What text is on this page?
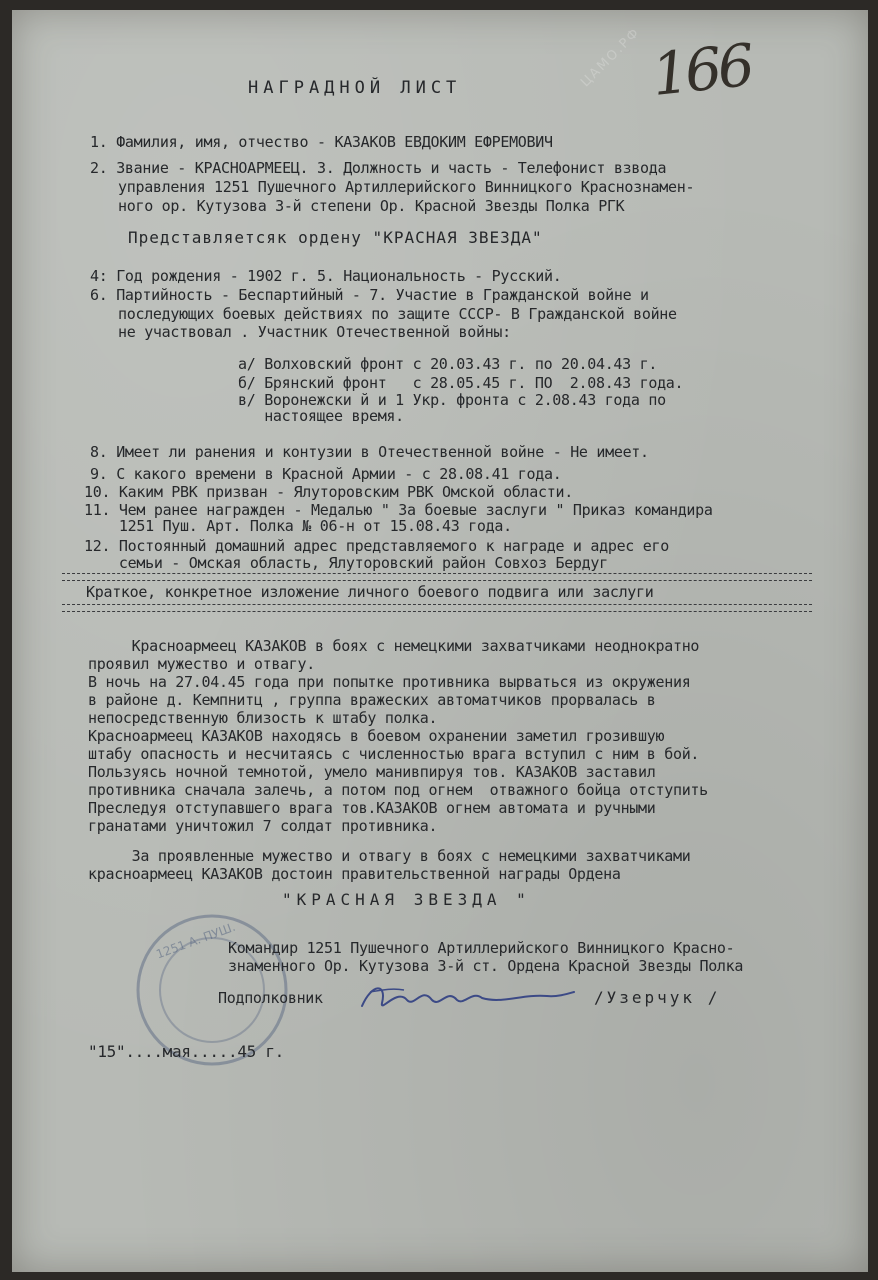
ЦАМО.РФ 166
НАГРАДНОЙ ЛИСТ
1. Фамилия, имя, отчество - КАЗАКОВ ЕВДОКИМ ЕФРЕМОВИЧ
2. Звание - КРАСНОАРМЕЕЦ. 3. Должность и часть - Телефонист взвода
управления 1251 Пушечного Артиллерийского Винницкого Краснознамен-
ного ор. Кутузова 3-й степени Ор. Красной Звезды Полка РГК
Представляетсяк ордену "КРАСНАЯ ЗВЕЗДА"
4: Год рождения - 1902 г. 5. Национальность - Русский.
6. Партийность - Беспартийный - 7. Участие в Гражданской войне и
последующих боевых действиях по защите СССР- В Гражданской войне
не участвовал . Участник Отечественной войны:
а/ Волховский фронт с 20.03.43 г. по 20.04.43 г.
б/ Брянский фронт   с 28.05.45 г. ПО  2.08.43 года.
в/ Воронежски й и 1 Укр. фронта с 2.08.43 года по
настоящее время.
8. Имеет ли ранения и контузии в Отечественной войне - Не имеет.
9. С какого времени в Красной Армии - с 28.08.41 года.
10. Каким РВК призван - Ялуторовским РВК Омской области.
11. Чем ранее награжден - Медалью " За боевые заслуги " Приказ командира
1251 Пуш. Арт. Полка № 06-н от 15.08.43 года.
12. Постоянный домашний адрес представляемого к награде и адрес его
семьи - Омская область, Ялуторовский район Совхоз Бердуг
Краткое, конкретное изложение личного боевого подвига или заслуги
Красноармеец КАЗАКОВ в боях с немецкими захватчиками неоднократно
проявил мужество и отвагу.
В ночь на 27.04.45 года при попытке противника вырваться из окружения
в районе д. Кемпнитц , группа вражеских автоматчиков прорвалась в
непосредственную близость к штабу полка.
Красноармеец КАЗАКОВ находясь в боевом охранении заметил грозившую
штабу опасность и несчитаясь с численностью врага вступил с ним в бой.
Пользуясь ночной темнотой, умело манивпируя тов. КАЗАКОВ заставил
противника сначала залечь, а потом под огнем  отважного бойца отступить
Преследуя отступавшего врага тов.КАЗАКОВ огнем автомата и ручными
гранатами уничтожил 7 солдат противника.
За проявленные мужество и отвагу в боях с немецкими захватчиками
красноармеец КАЗАКОВ достоин правительственной награды Ордена
"КРАСНАЯ ЗВЕЗДА "
1251 А. ПУШ.
Командир 1251 Пушечного Артиллерийского Винницкого Красно-
знаменного Ор. Кутузова 3-й ст. Ордена Красной Звезды Полка
Подполковник	/Узерчук /
"15"....мая.....45 г.
